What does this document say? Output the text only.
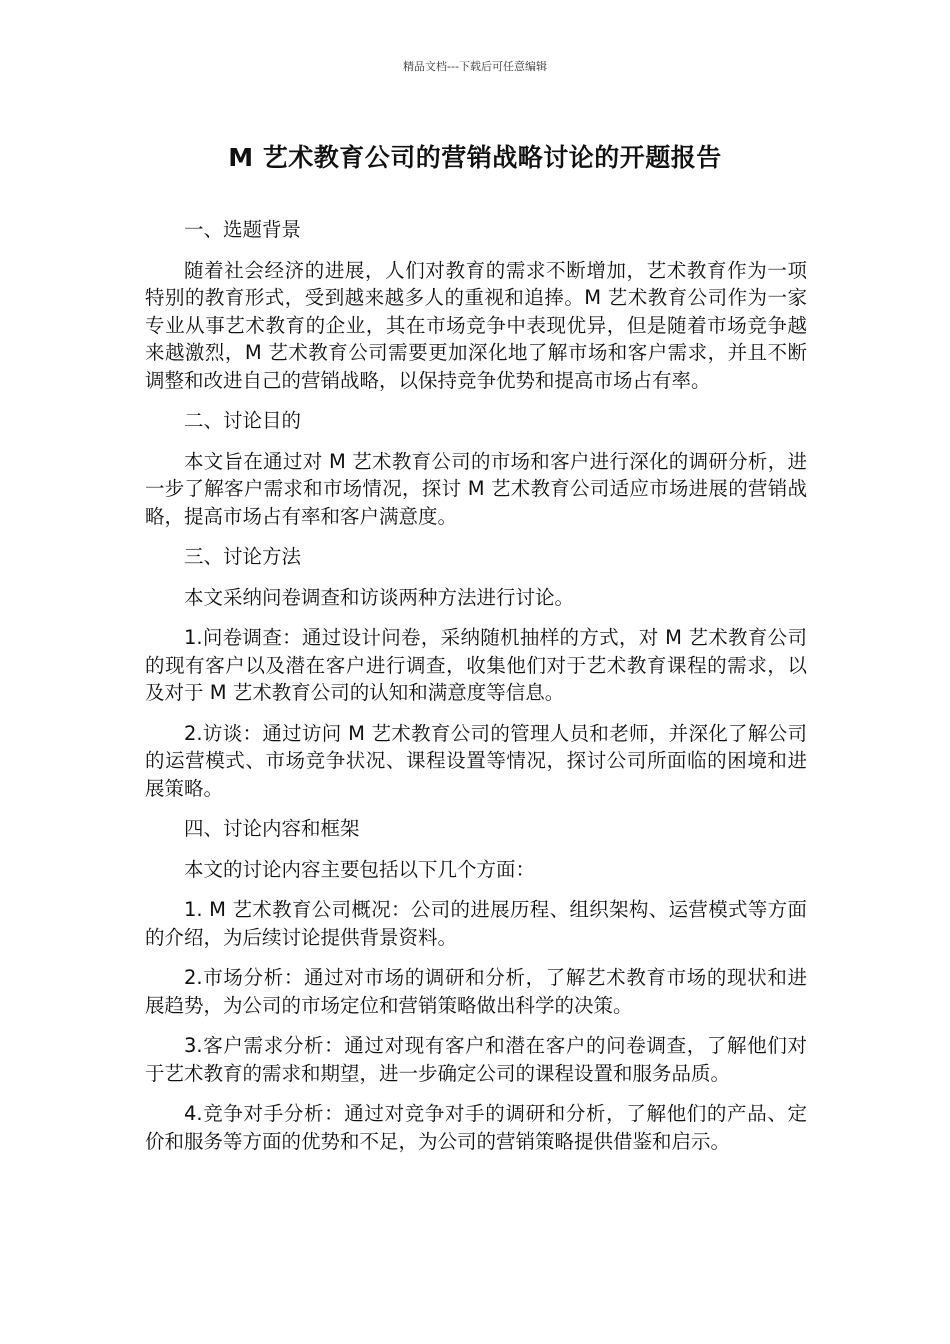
精品文档---下载后可任意编辑
M 艺术教育公司的营销战略讨论的开题报告

一、选题背景

随着社会经济的进展，人们对教育的需求不断增加，艺术教育作为一项特别的教育形式，受到越来越多人的重视和追捧。M 艺术教育公司作为一家专业从事艺术教育的企业，其在市场竞争中表现优异，但是随着市场竞争越来越激烈，M 艺术教育公司需要更加深化地了解市场和客户需求，并且不断调整和改进自己的营销战略，以保持竞争优势和提高市场占有率。

二、讨论目的

本文旨在通过对 M 艺术教育公司的市场和客户进行深化的调研分析，进一步了解客户需求和市场情况，探讨 M 艺术教育公司适应市场进展的营销战略，提高市场占有率和客户满意度。

三、讨论方法

本文采纳问卷调查和访谈两种方法进行讨论。

1.问卷调查：通过设计问卷，采纳随机抽样的方式，对 M 艺术教育公司的现有客户以及潜在客户进行调查，收集他们对于艺术教育课程的需求，以及对于 M 艺术教育公司的认知和满意度等信息。

2.访谈：通过访问 M 艺术教育公司的管理人员和老师，并深化了解公司的运营模式、市场竞争状况、课程设置等情况，探讨公司所面临的困境和进展策略。

四、讨论内容和框架

本文的讨论内容主要包括以下几个方面：

1. M 艺术教育公司概况：公司的进展历程、组织架构、运营模式等方面的介绍，为后续讨论提供背景资料。

2.市场分析：通过对市场的调研和分析，了解艺术教育市场的现状和进展趋势，为公司的市场定位和营销策略做出科学的决策。

3.客户需求分析：通过对现有客户和潜在客户的问卷调查，了解他们对于艺术教育的需求和期望，进一步确定公司的课程设置和服务品质。

4.竞争对手分析：通过对竞争对手的调研和分析，了解他们的产品、定价和服务等方面的优势和不足，为公司的营销策略提供借鉴和启示。
